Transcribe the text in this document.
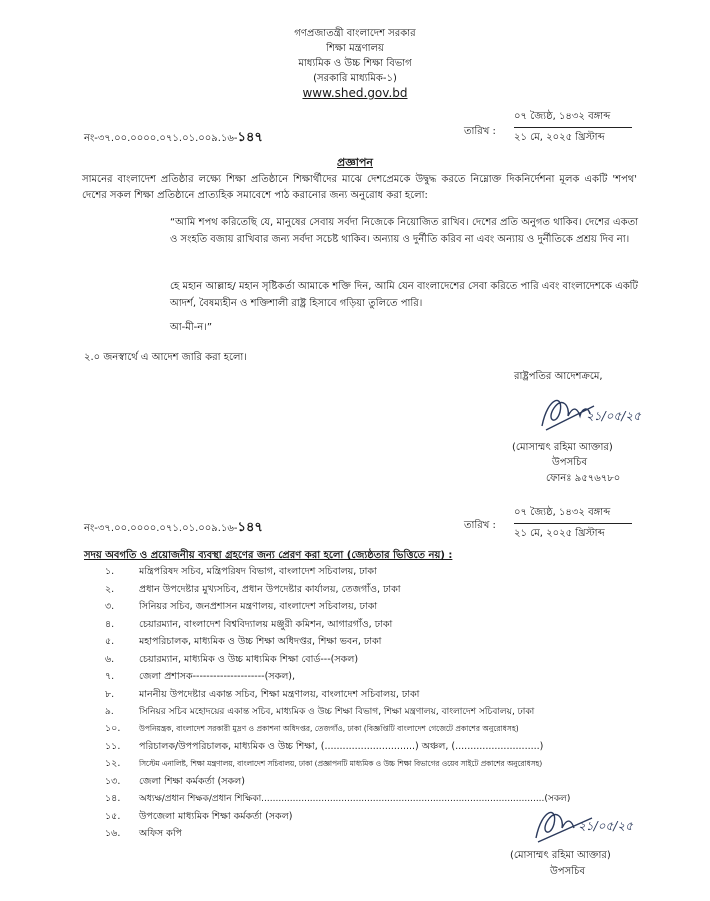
গণপ্রজাতন্ত্রী বাংলাদেশ সরকার
শিক্ষা মন্ত্রণালয়
মাধ্যমিক ও উচ্চ শিক্ষা বিভাগ
(সরকারি মাধ্যমিক-১)
www.shed.gov.bd
নং-৩৭.০০.০০০০.০৭১.০১.০০৯.১৬-১৪৭	তারিখ :
০৭ জ্যৈষ্ঠ, ১৪৩২ বঙ্গাব্দ
২১ মে, ২০২৫ খ্রিস্টাব্দ
প্রজ্ঞাপন
সামনের বাংলাদেশ প্রতিষ্ঠার লক্ষ্যে শিক্ষা প্রতিষ্ঠানে শিক্ষার্থীদের মাঝে দেশপ্রেমকে উদ্বুদ্ধ করতে নিম্নোক্ত দিকনির্দেশনা মূলক একটি 'শপথ' দেশের সকল শিক্ষা প্রতিষ্ঠানে প্রাত্যহিক সমাবেশে পাঠ করানোর জন্য অনুরোধ করা হলো:
“আমি শপথ করিতেছি যে, মানুষের সেবায় সর্বদা নিজেকে নিয়োজিত রাখিব। দেশের প্রতি অনুগত থাকিব। দেশের একতা ও সংহতি বজায় রাখিবার জন্য সর্বদা সচেষ্ট থাকিব। অন্যায় ও দুর্নীতি করিব না এবং অন্যায় ও দুর্নীতিকে প্রশ্রয় দিব না।
হে মহান আল্লাহ/ মহান সৃষ্টিকর্তা আমাকে শক্তি দিন, আমি যেন বাংলাদেশের সেবা করিতে পারি এবং বাংলাদেশকে একটি আদর্শ, বৈষম্যহীন ও শক্তিশালী রাষ্ট্র হিসাবে গড়িয়া তুলিতে পারি।
আ-মী-ন।”
২.০ জনস্বার্থে এ আদেশ জারি করা হলো।
রাষ্ট্রপতির আদেশক্রমে,
২১/০৫/২৫
(মোসাম্মৎ রহিমা আক্তার)
উপসচিব
ফোনঃ ৯৫৭৬৭৮০
নং-৩৭.০০.০০০০.০৭১.০১.০০৯.১৬-১৪৭	তারিখ :
০৭ জ্যৈষ্ঠ, ১৪৩২ বঙ্গাব্দ
২১ মে, ২০২৫ খ্রিস্টাব্দ
সদয় অবগতি ও প্রয়োজনীয় ব্যবস্থা গ্রহণের জন্য প্রেরণ করা হলো (জ্যেষ্ঠতার ভিত্তিতে নয়) :
১.	মন্ত্রিপরিষদ সচিব, মন্ত্রিপরিষদ বিভাগ, বাংলাদেশ সচিবালয়, ঢাকা
২.	প্রধান উপদেষ্টার মুখ্যসচিব, প্রধান উপদেষ্টার কার্যালয়, তেজগাঁও, ঢাকা
৩.	সিনিয়র সচিব, জনপ্রশাসন মন্ত্রণালয়, বাংলাদেশ সচিবালয়, ঢাকা
৪.	চেয়ারম্যান, বাংলাদেশ বিশ্ববিদ্যালয় মঞ্জুরী কমিশন, আগারগাঁও, ঢাকা
৫.	মহাপরিচালক, মাধ্যমিক ও উচ্চ শিক্ষা অধিদপ্তর, শিক্ষা ভবন, ঢাকা
৬.	চেয়ারম্যান, মাধ্যমিক ও উচ্চ মাধ্যমিক শিক্ষা বোর্ড---(সকল)
৭.	জেলা প্রশাসক---------------------(সকল),
৮.	মাননীয় উপদেষ্টার একান্ত সচিব, শিক্ষা মন্ত্রণালয়, বাংলাদেশ সচিবালয়, ঢাকা
৯.	সিনিয়র সচিব মহোদয়ের একান্ত সচিব, মাধ্যমিক ও উচ্চ শিক্ষা বিভাগ, শিক্ষা মন্ত্রণালয়, বাংলাদেশ সচিবালয়, ঢাকা
১০.	উপনিয়ন্ত্রক, বাংলাদেশ সরকারী মুদ্রণ ও প্রকাশনা অধিদপ্তর, তেজগাঁও, ঢাকা (বিজ্ঞপ্তিটি বাংলাদেশ গেজেটে প্রকাশের অনুরোধসহ)
১১.	পরিচালক/উপপরিচালক, মাধ্যমিক ও উচ্চ শিক্ষা, (..............................) অঞ্চল, (............................)
১২.	সিস্টেম এনালিষ্ট, শিক্ষা মন্ত্রণালয়, বাংলাদেশ সচিবালয়, ঢাকা (প্রজ্ঞাপনটি মাধ্যমিক ও উচ্চ শিক্ষা বিভাগের ওয়েব সাইটে প্রকাশের অনুরোধসহ)
১৩.	জেলা শিক্ষা কর্মকর্তা (সকল)
১৪.	অধ্যক্ষ/প্রধান শিক্ষক/প্রধান শিক্ষিকা...................................................................................................(সকল)
১৫.	উপজেলা মাধ্যমিক শিক্ষা কর্মকর্তা (সকল)
১৬.	অফিস কপি
২১/০৫/২৫
(মোসাম্মৎ রহিমা আক্তার)
উপসচিব
